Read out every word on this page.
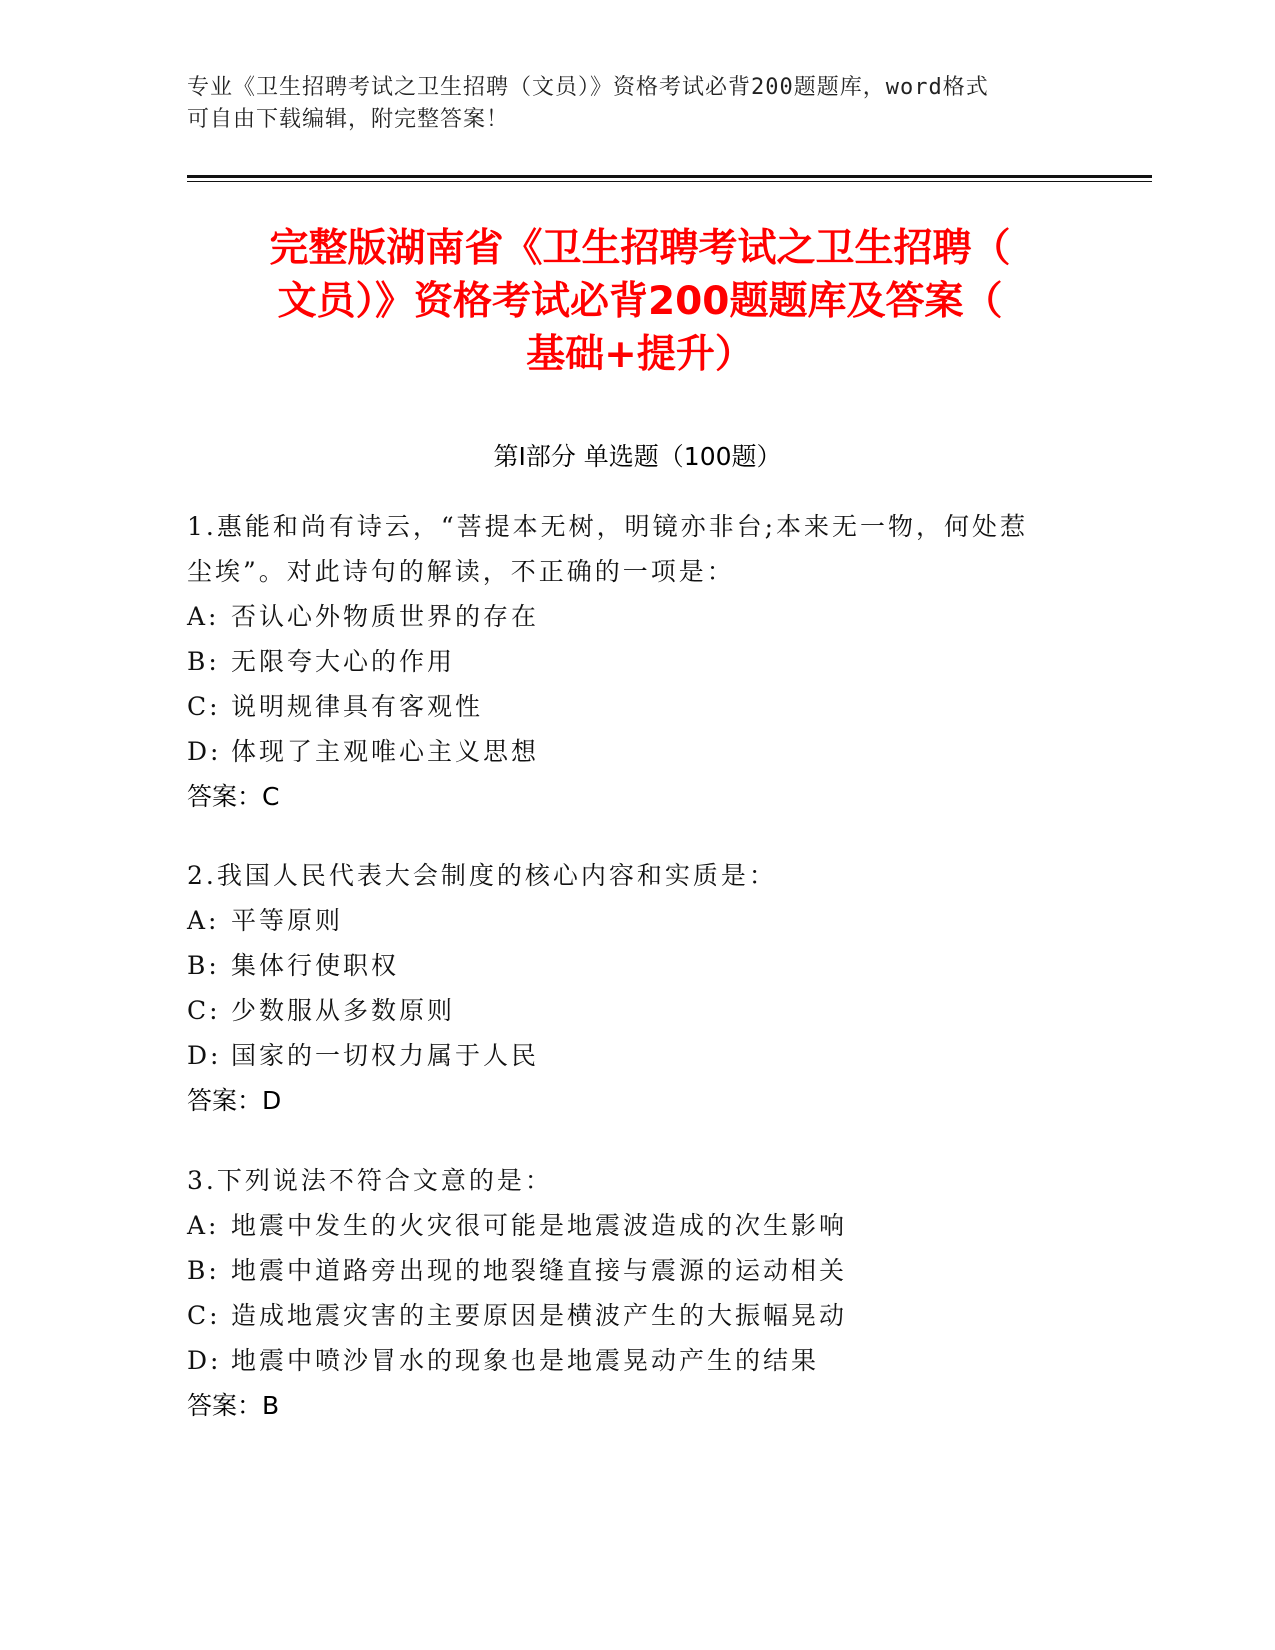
专业《卫生招聘考试之卫生招聘（文员）》资格考试必背200题题库，word格式
可自由下载编辑，附完整答案！
完整版湖南省《卫生招聘考试之卫生招聘（
文员）》资格考试必背200题题库及答案（
基础+提升）
第Ⅰ部分 单选题（100题）
1.惠能和尚有诗云，“菩提本无树，明镜亦非台;本来无一物，何处惹
尘埃”。对此诗句的解读，不正确的一项是：
A: 否认心外物质世界的存在
B: 无限夸大心的作用
C: 说明规律具有客观性
D: 体现了主观唯心主义思想
答案：C
2.我国人民代表大会制度的核心内容和实质是：
A: 平等原则
B: 集体行使职权
C: 少数服从多数原则
D: 国家的一切权力属于人民
答案：D
3.下列说法不符合文意的是：
A: 地震中发生的火灾很可能是地震波造成的次生影响
B: 地震中道路旁出现的地裂缝直接与震源的运动相关
C: 造成地震灾害的主要原因是横波产生的大振幅晃动
D: 地震中喷沙冒水的现象也是地震晃动产生的结果
答案：B
